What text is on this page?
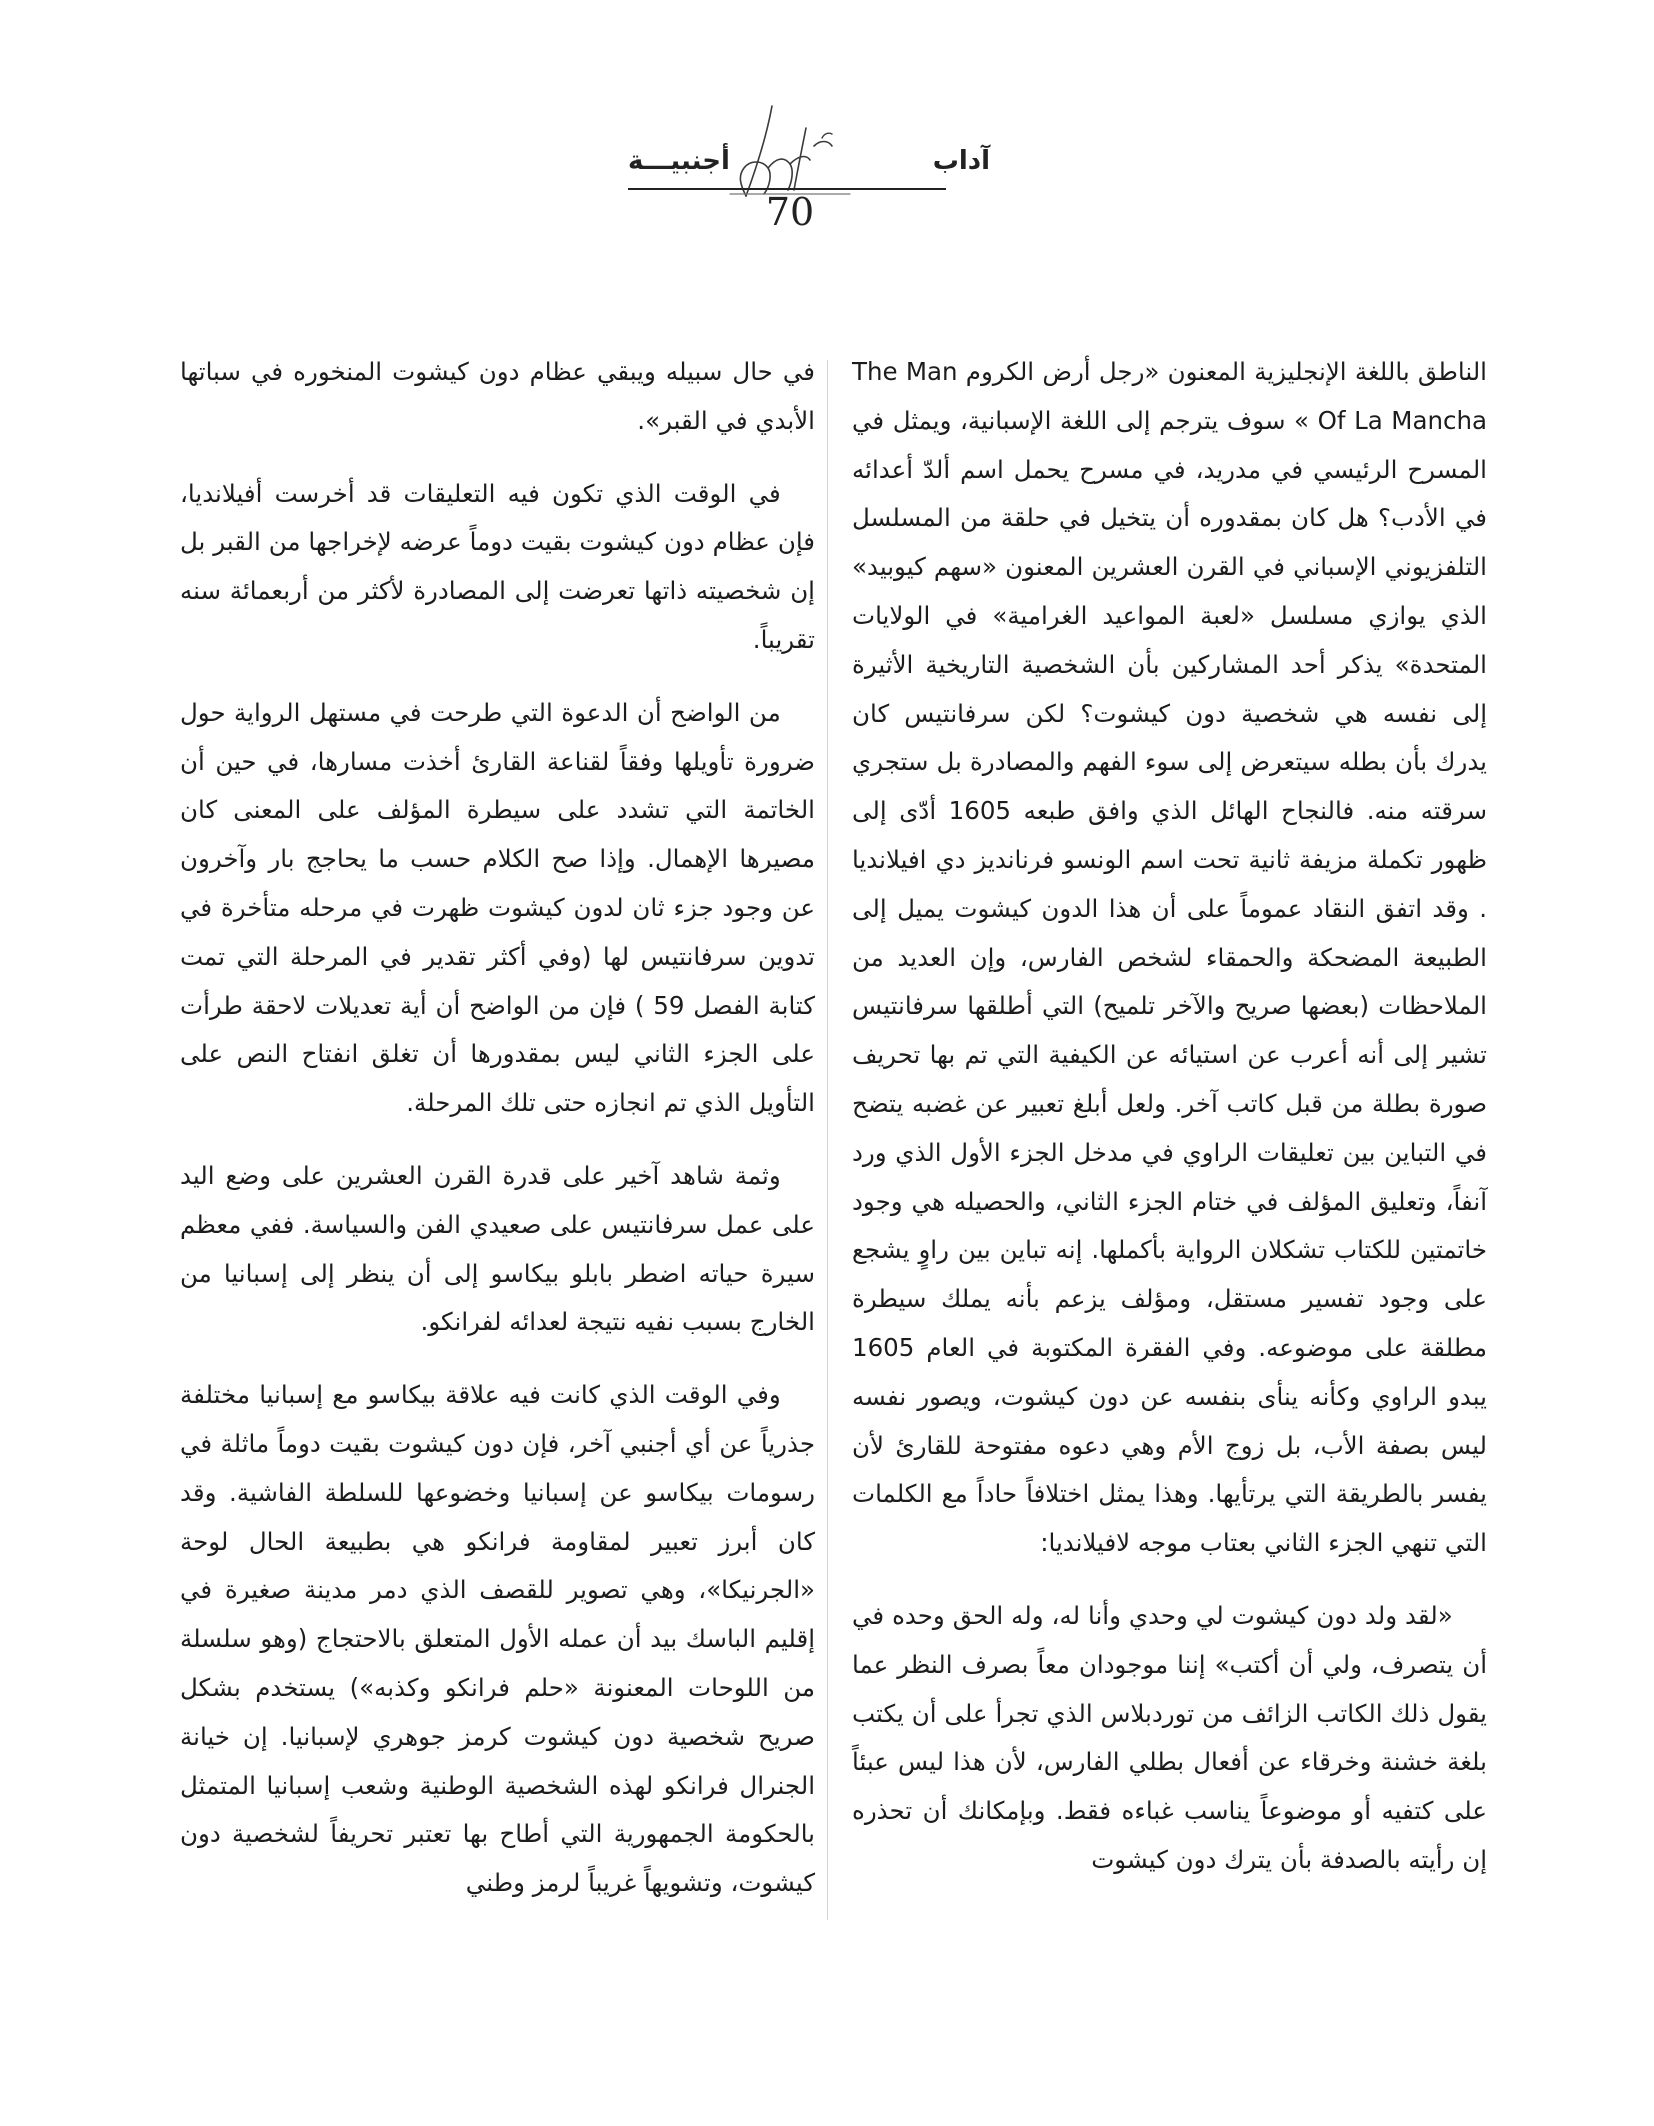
آداب
أجنبيـــة
70

الناطق باللغة الإنجليزية المعنون «رجل أرض الكروم The Man Of La Mancha » سوف يترجم إلى اللغة الإسبانية، ويمثل في المسرح الرئيسي في مدريد، في مسرح يحمل اسم ألدّ أعدائه في الأدب؟ هل كان بمقدوره أن يتخيل في حلقة من المسلسل التلفزيوني الإسباني في القرن العشرين المعنون «سهم كيوبيد» الذي يوازي مسلسل «لعبة المواعيد الغرامية» في الولايات المتحدة» يذكر أحد المشاركين بأن الشخصية التاريخية الأثيرة إلى نفسه هي شخصية دون كيشوت؟ لكن سرفانتيس كان يدرك بأن بطله سيتعرض إلى سوء الفهم والمصادرة بل ستجري سرقته منه. فالنجاح الهائل الذي وافق طبعه 1605 أدّى إلى ظهور تكملة مزيفة ثانية تحت اسم الونسو فرنانديز دي افيلانديا . وقد اتفق النقاد عموماً على أن هذا الدون كيشوت يميل إلى الطبيعة المضحكة والحمقاء لشخص الفارس، وإن العديد من الملاحظات (بعضها صريح والآخر تلميح) التي أطلقها سرفانتيس تشير إلى أنه أعرب عن استيائه عن الكيفية التي تم بها تحريف صورة بطلة من قبل كاتب آخر. ولعل أبلغ تعبير عن غضبه يتضح في التباين بين تعليقات الراوي في مدخل الجزء الأول الذي ورد آنفاً، وتعليق المؤلف في ختام الجزء الثاني، والحصيله هي وجود خاتمتين للكتاب تشكلان الرواية بأكملها. إنه تباين بين راوٍ يشجع على وجود تفسير مستقل، ومؤلف يزعم بأنه يملك سيطرة مطلقة على موضوعه. وفي الفقرة المكتوبة في العام 1605 يبدو الراوي وكأنه ينأى بنفسه عن دون كيشوت، ويصور نفسه ليس بصفة الأب، بل زوج الأم وهي دعوه مفتوحة للقارئ لأن يفسر بالطريقة التي يرتأيها. وهذا يمثل اختلافاً حاداً مع الكلمات التي تنهي الجزء الثاني بعتاب موجه لافيلانديا:

«لقد ولد دون كيشوت لي وحدي وأنا له، وله الحق وحده في أن يتصرف، ولي أن أكتب» إننا موجودان معاً بصرف النظر عما يقول ذلك الكاتب الزائف من توردبلاس الذي تجرأ على أن يكتب بلغة خشنة وخرقاء عن أفعال بطلي الفارس، لأن هذا ليس عبئاً على كتفيه أو موضوعاً يناسب غباءه فقط. وبإمكانك أن تحذره إن رأيته بالصدفة بأن يترك دون كيشوت

في حال سبيله ويبقي عظام دون كيشوت المنخوره في سباتها الأبدي في القبر».

في الوقت الذي تكون فيه التعليقات قد أخرست أفيلانديا، فإن عظام دون كيشوت بقيت دوماً عرضه لإخراجها من القبر بل إن شخصيته ذاتها تعرضت إلى المصادرة لأكثر من أربعمائة سنه تقريباً.

من الواضح أن الدعوة التي طرحت في مستهل الرواية حول ضرورة تأويلها وفقاً لقناعة القارئ أخذت مسارها، في حين أن الخاتمة التي تشدد على سيطرة المؤلف على المعنى كان مصيرها الإهمال. وإذا صح الكلام حسب ما يحاجج بار وآخرون عن وجود جزء ثان لدون كيشوت ظهرت في مرحله متأخرة في تدوين سرفانتيس لها (وفي أكثر تقدير في المرحلة التي تمت كتابة الفصل 59 ) فإن من الواضح أن أية تعديلات لاحقة طرأت على الجزء الثاني ليس بمقدورها أن تغلق انفتاح النص على التأويل الذي تم انجازه حتى تلك المرحلة.

وثمة شاهد آخير على قدرة القرن العشرين على وضع اليد على عمل سرفانتيس على صعيدي الفن والسياسة. ففي معظم سيرة حياته اضطر بابلو بيكاسو إلى أن ينظر إلى إسبانيا من الخارج بسبب نفيه نتيجة لعدائه لفرانكو.

وفي الوقت الذي كانت فيه علاقة بيكاسو مع إسبانيا مختلفة جذرياً عن أي أجنبي آخر، فإن دون كيشوت بقيت دوماً ماثلة في رسومات بيكاسو عن إسبانيا وخضوعها للسلطة الفاشية. وقد كان أبرز تعبير لمقاومة فرانكو هي بطبيعة الحال لوحة «الجرنيكا»، وهي تصوير للقصف الذي دمر مدينة صغيرة في إقليم الباسك بيد أن عمله الأول المتعلق بالاحتجاج (وهو سلسلة من اللوحات المعنونة «حلم فرانكو وكذبه») يستخدم بشكل صريح شخصية دون كيشوت كرمز جوهري لإسبانيا. إن خيانة الجنرال فرانكو لهذه الشخصية الوطنية وشعب إسبانيا المتمثل بالحكومة الجمهورية التي أطاح بها تعتبر تحريفاً لشخصية دون كيشوت، وتشويهاً غريباً لرمز وطني
